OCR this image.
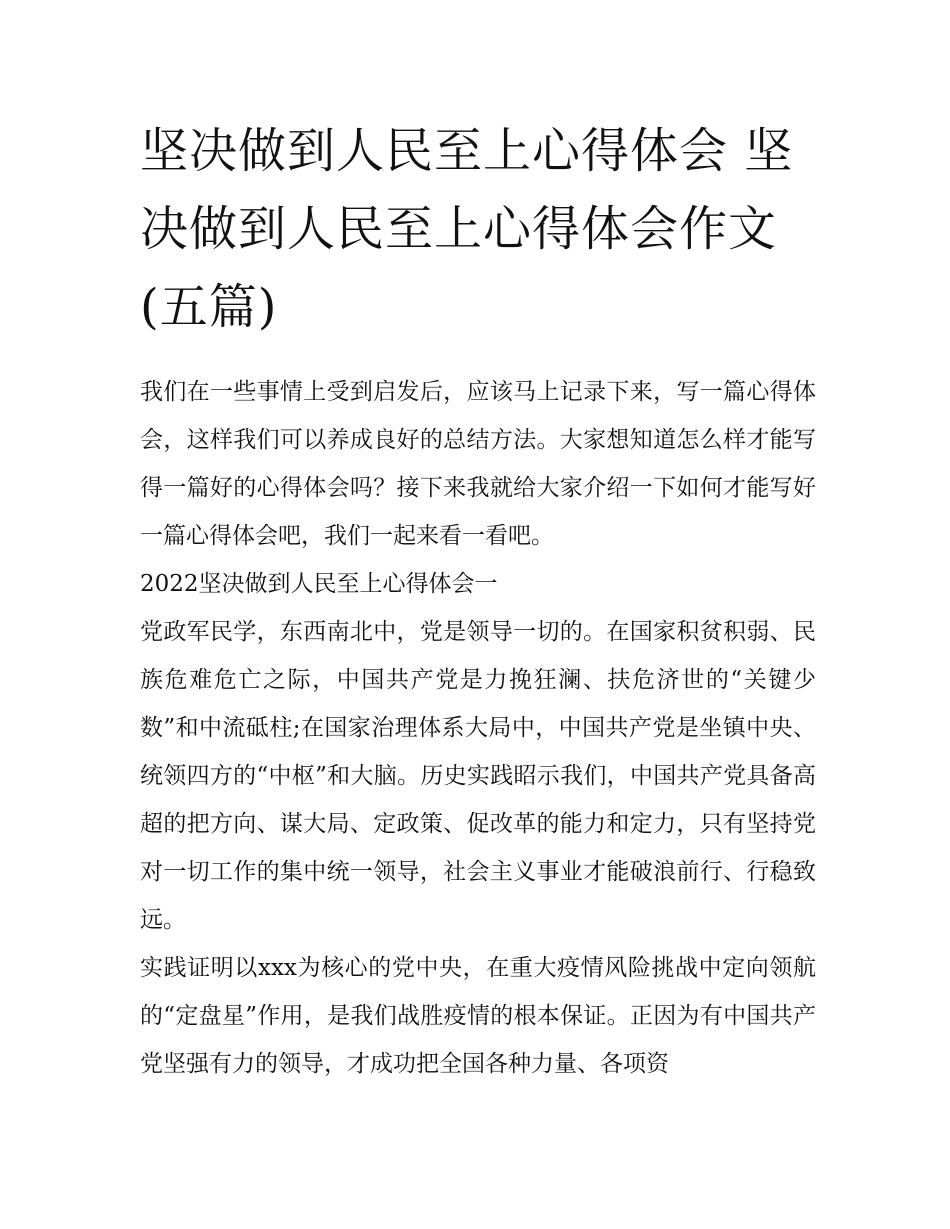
坚决做到人民至上心得体会 坚决做到人民至上心得体会作文(五篇)

我们在一些事情上受到启发后，应该马上记录下来，写一篇心得体会，这样我们可以养成良好的总结方法。大家想知道怎么样才能写得一篇好的心得体会吗？接下来我就给大家介绍一下如何才能写好一篇心得体会吧，我们一起来看一看吧。

2022坚决做到人民至上心得体会一

党政军民学，东西南北中，党是领导一切的。在国家积贫积弱、民族危难危亡之际，中国共产党是力挽狂澜、扶危济世的“关键少数”和中流砥柱;在国家治理体系大局中，中国共产党是坐镇中央、统领四方的“中枢”和大脑。历史实践昭示我们，中国共产党具备高超的把方向、谋大局、定政策、促改革的能力和定力，只有坚持党对一切工作的集中统一领导，社会主义事业才能破浪前行、行稳致远。

实践证明以xxx为核心的党中央，在重大疫情风险挑战中定向领航的“定盘星”作用，是我们战胜疫情的根本保证。正因为有中国共产党坚强有力的领导，才成功把全国各种力量、各项资
